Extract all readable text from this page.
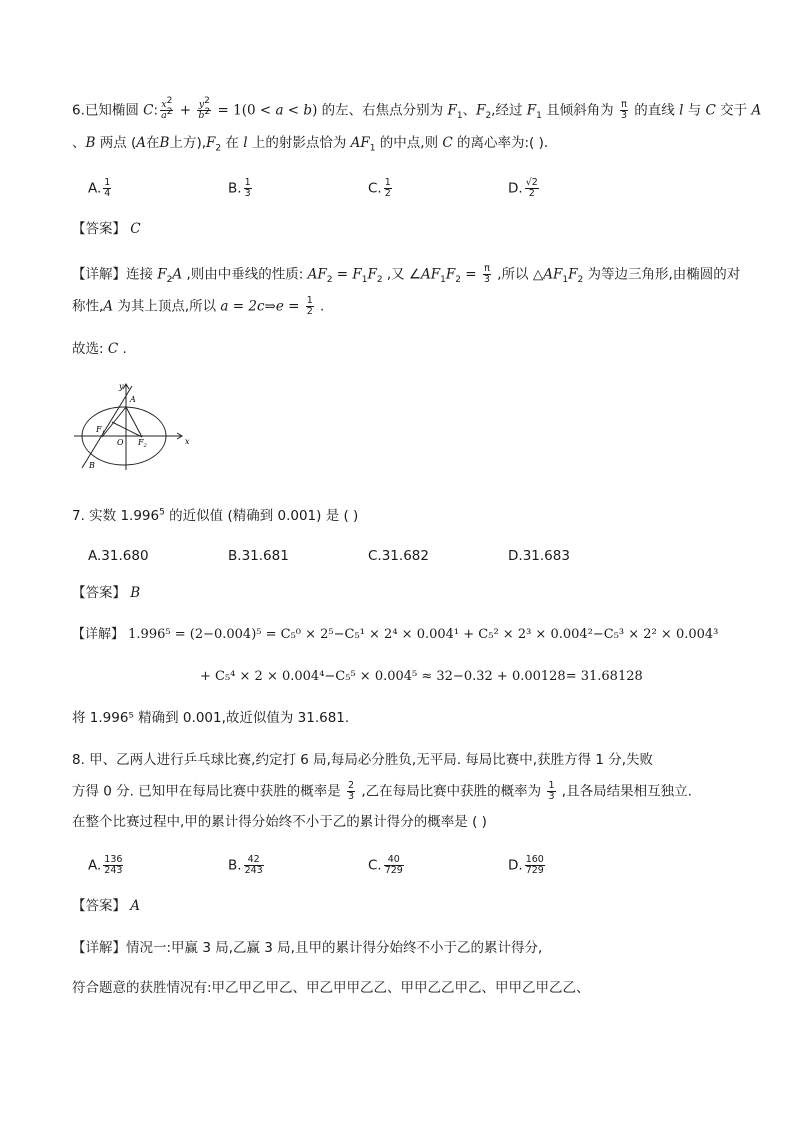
6.已知椭圆 C: $\frac{x^2}{a^2} + \frac{y^2}{b^2} = 1(0 < a < b)$ 的左、右焦点分别为 $F_1$、$F_2$,经过 $F_1$ 且倾斜角为 $\frac{\pi}{3}$ 的直线 l 与 C 交于 A
、B 两点 (A在B上方)$,F_2$ 在 l 上的射影点恰为 $AF_1$ 的中点,则 C 的离心率为:( ).
A. $\frac{1}{4}$	B. $\frac{1}{3}$	C. $\frac{1}{2}$	D. $\frac{√2}{2}$
【答案】 C
【详解】连接 $F_2A$ ,则由中垂线的性质: $AF_2 = F_1F_2$ ,又 $\angle AF_1F_2 = \frac{\pi}{3}$ ,所以 $\triangle AF_1F_2$ 为等边三角形,由椭圆的对
称性,A 为其上顶点,所以 a = 2c⇒e = $\frac{1}{2}$ .
故选: C .
y
x
A
$F_1$
O $F_2$
B
7. 实数 1.996$^5$ 的近似值 (精确到 0.001) 是 ( )
A.31.680	B.31.681	C.31.682	D.31.683
【答案】 B
【详解】 1.996⁵ = (2−0.004)⁵ = C₅⁰ × 2⁵−C₅¹ × 2⁴ × 0.004¹ + C₅² × 2³ × 0.004²−C₅³ × 2² × 0.004³
+ C₅⁴ × 2 × 0.004⁴−C₅⁵ × 0.004⁵ ≈ 32−0.32 + 0.00128= 31.68128
将 1.996⁵ 精确到 0.001,故近似值为 31.681.
8. 甲、乙两人进行乒乓球比赛,约定打 6 局,每局必分胜负,无平局. 每局比赛中,获胜方得 1 分,失败
方得 0 分. 已知甲在每局比赛中获胜的概率是 $\frac{2}{3}$ ,乙在每局比赛中获胜的概率为 $\frac{1}{3}$ ,且各局结果相互独立.
在整个比赛过程中,甲的累计得分始终不小于乙的累计得分的概率是 ( )
A. $\frac{136}{243}$	B. $\frac{42}{243}$	C. $\frac{40}{729}$	D. $\frac{160}{729}$
【答案】 A
【详解】情况一:甲赢 3 局,乙赢 3 局,且甲的累计得分始终不小于乙的累计得分,
符合题意的获胜情况有:甲乙甲乙甲乙、甲乙甲甲乙乙、甲甲乙乙甲乙、甲甲乙甲乙乙、
